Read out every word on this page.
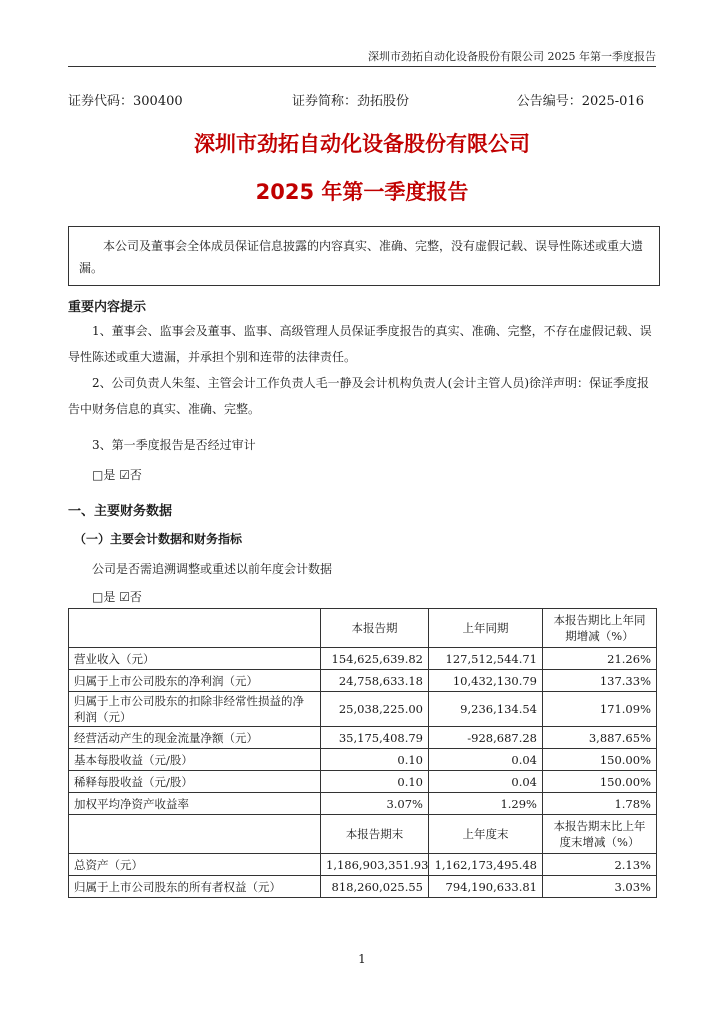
深圳市劲拓自动化设备股份有限公司 2025 年第一季度报告
证券代码：300400	证券简称：劲拓股份	公告编号：2025-016
深圳市劲拓自动化设备股份有限公司
2025 年第一季度报告
本公司及董事会全体成员保证信息披露的内容真实、准确、完整，没有虚假记载、误导性陈述或重大遗漏。
重要内容提示
1、董事会、监事会及董事、监事、高级管理人员保证季度报告的真实、准确、完整，不存在虚假记载、误导性陈述或重大遗漏，并承担个别和连带的法律责任。
2、公司负责人朱玺、主管会计工作负责人毛一静及会计机构负责人(会计主管人员)徐洋声明：保证季度报告中财务信息的真实、准确、完整。
3、第一季度报告是否经过审计
□是 ☑否
一、主要财务数据
（一）主要会计数据和财务指标
公司是否需追溯调整或重述以前年度会计数据
□是 ☑否
	本报告期	上年同期	本报告期比上年同期增减（%）
营业收入（元）	154,625,639.82	127,512,544.71	21.26%
归属于上市公司股东的净利润（元）	24,758,633.18	10,432,130.79	137.33%
归属于上市公司股东的扣除非经常性损益的净利润（元）	25,038,225.00	9,236,134.54	171.09%
经营活动产生的现金流量净额（元）	35,175,408.79	-928,687.28	3,887.65%
基本每股收益（元/股）	0.10	0.04	150.00%
稀释每股收益（元/股）	0.10	0.04	150.00%
加权平均净资产收益率	3.07%	1.29%	1.78%
	本报告期末	上年度末	本报告期末比上年度末增减（%）
总资产（元）	1,186,903,351.93	1,162,173,495.48	2.13%
归属于上市公司股东的所有者权益（元）	818,260,025.55	794,190,633.81	3.03%
1
